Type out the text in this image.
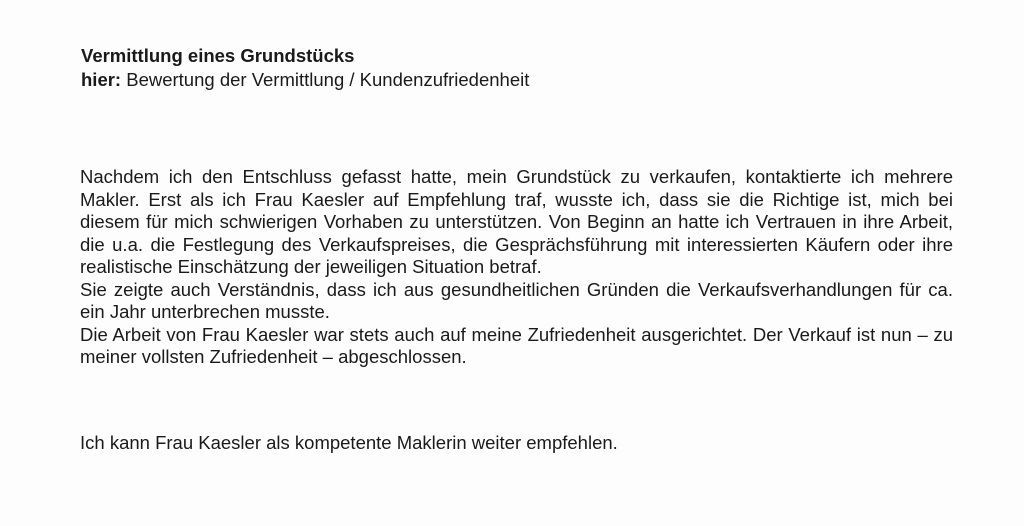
Vermittlung eines Grundstücks
hier: Bewertung der Vermittlung / Kundenzufriedenheit

Nachdem ich den Entschluss gefasst hatte, mein Grundstück zu verkaufen, kontaktierte ich mehrere Makler. Erst als ich Frau Kaesler auf Empfehlung traf, wusste ich, dass sie die Richtige ist, mich bei diesem für mich schwierigen Vorhaben zu unterstützen. Von Beginn an hatte ich Vertrauen in ihre Arbeit, die u.a. die Festlegung des Verkaufspreises, die Gesprächsführung mit interessierten Käufern oder ihre realistische Einschätzung der jeweiligen Situation betraf.

Sie zeigte auch Verständnis, dass ich aus gesundheitlichen Gründen die Verkaufsverhandlungen für ca. ein Jahr unterbrechen musste.

Die Arbeit von Frau Kaesler war stets auch auf meine Zufriedenheit ausgerichtet. Der Verkauf ist nun – zu meiner vollsten Zufriedenheit – abgeschlossen.

Ich kann Frau Kaesler als kompetente Maklerin weiter empfehlen.
